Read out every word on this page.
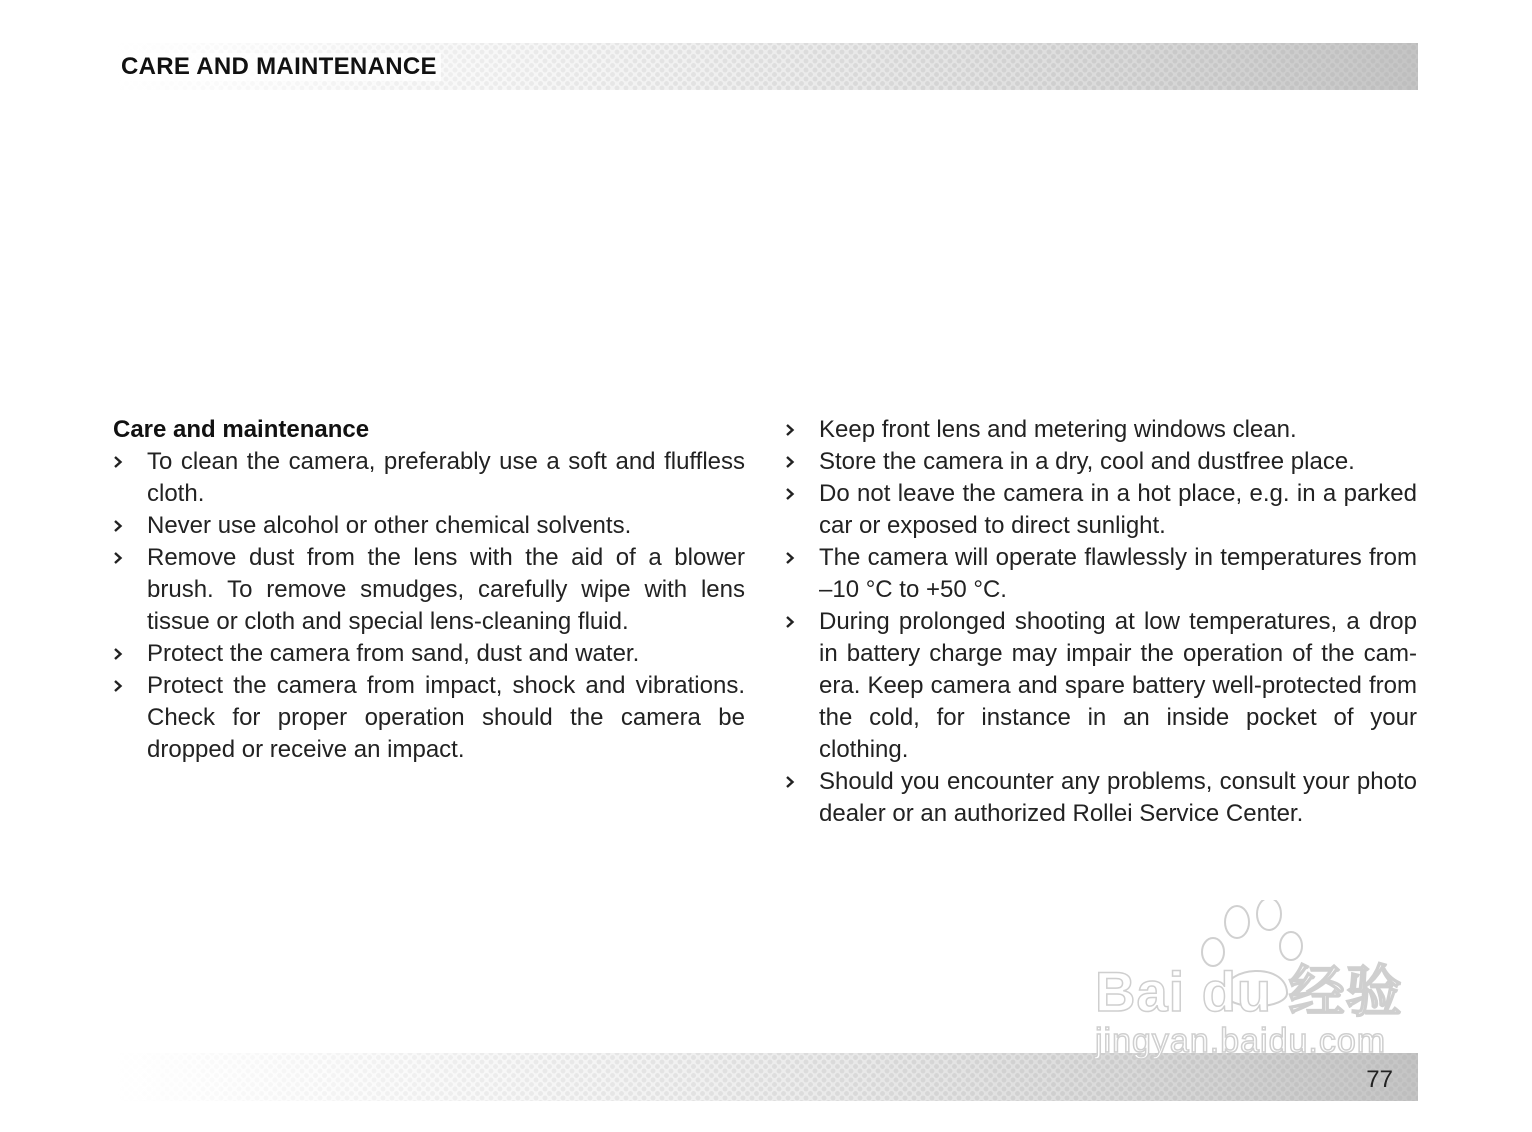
CARE AND MAINTENANCE
Care and maintenance
To clean the camera, preferably use a soft and fluffless cloth.
Never use alcohol or other chemical solvents.
Remove dust from the lens with the aid of a blower brush. To remove smudges, carefully wipe with lens tissue or cloth and special lens-cleaning fluid.
Protect the camera from sand, dust and water.
Protect the camera from impact, shock and vibrations. Check for proper operation should the camera be dropped or receive an impact.
Keep front lens and metering windows clean.
Store the camera in a dry, cool and dustfree place.
Do not leave the camera in a hot place, e.g. in a parked car or exposed to direct sunlight.
The camera will operate flawlessly in temperatures from –10 °C to +50 °C.
During prolonged shooting at low temperatures, a drop in battery charge may impair the operation of the cam-era. Keep camera and spare battery well-protected from the cold, for instance in an inside pocket of your clothing.
Should you encounter any problems, consult your photo dealer or an authorized Rollei Service Center.
77
Bai du 经验
jingyan.baidu.com
